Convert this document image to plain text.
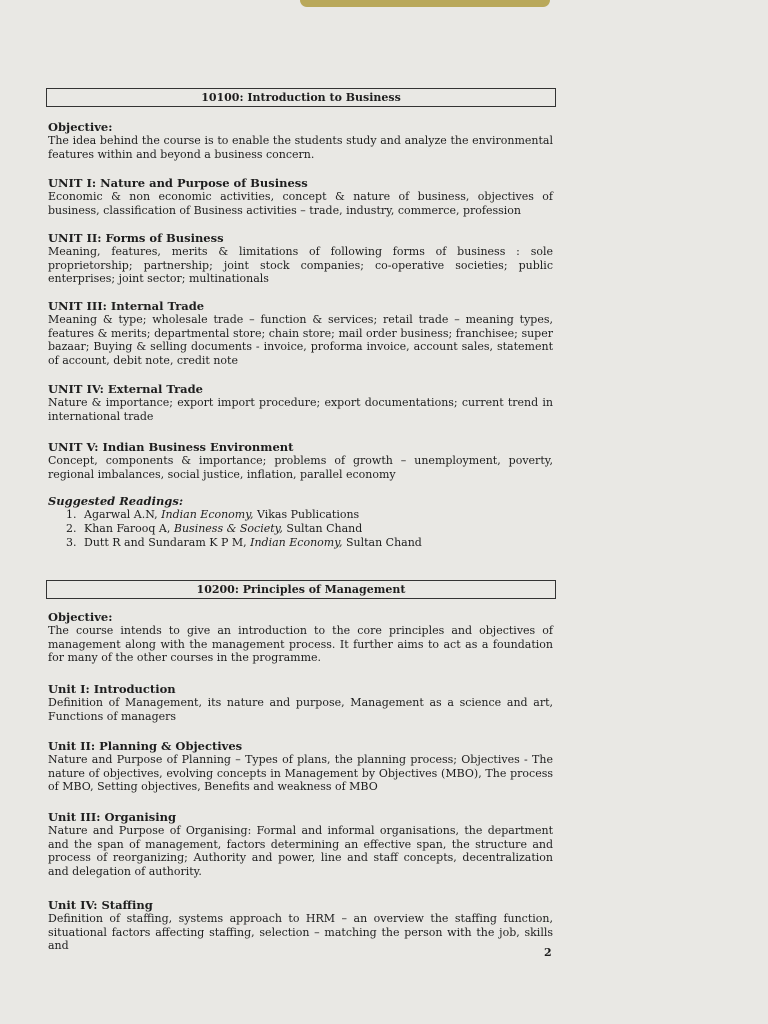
10100: Introduction to Business

Objective:

The idea behind the course is to enable the students study and analyze the environmental features within and beyond a business concern.

UNIT I: Nature and Purpose of Business

Economic & non economic activities, concept & nature of business, objectives of business, classification of Business activities – trade, industry, commerce, profession

UNIT II: Forms of Business

Meaning, features, merits & limitations of following forms of business : sole proprietorship; partnership; joint stock companies; co-operative societies; public enterprises; joint sector; multinationals

UNIT III: Internal Trade

Meaning & type; wholesale trade – function & services; retail trade – meaning types, features & merits; departmental store; chain store; mail order business; franchisee; super bazaar; Buying & selling documents - invoice, proforma invoice, account sales, statement of account, debit note, credit note

UNIT IV: External Trade

Nature & importance; export import procedure; export documentations; current trend in international trade

UNIT V: Indian Business Environment

Concept, components & importance; problems of growth – unemployment, poverty, regional imbalances, social justice, inflation, parallel economy

Suggested Readings:

1. Agarwal A.N, Indian Economy, Vikas Publications
2. Khan Farooq A, Business & Society, Sultan Chand
3. Dutt R and Sundaram K P M, Indian Economy, Sultan Chand
10200: Principles of Management

Objective:

The course intends to give an introduction to the core principles and objectives of management along with the management process. It further aims to act as a foundation for many of the other courses in the programme.

Unit I: Introduction

Definition of Management, its nature and purpose, Management as a science and art, Functions of managers

Unit II: Planning & Objectives

Nature and Purpose of Planning – Types of plans, the planning process; Objectives - The nature of objectives, evolving concepts in Management by Objectives (MBO), The process of MBO, Setting objectives, Benefits and weakness of MBO

Unit III: Organising

Nature and Purpose of Organising: Formal and informal organisations, the department and the span of management, factors determining an effective span, the structure and process of reorganizing; Authority and power, line and staff concepts, decentralization and delegation of authority.

Unit IV: Staffing

Definition of staffing, systems approach to HRM – an overview the staffing function, situational factors affecting staffing, selection – matching the person with the job, skills and

2
